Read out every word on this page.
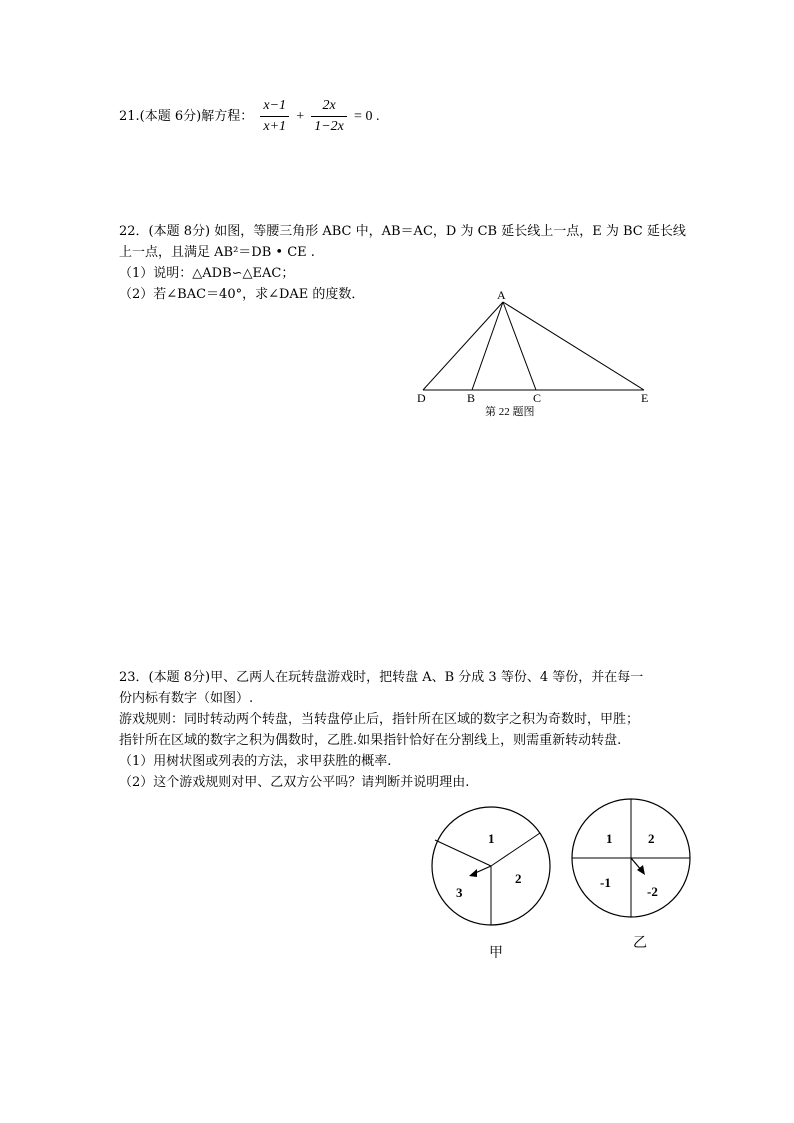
21.(本题 6分)解方程： $\frac{x-1}{x+1} + \frac{2x}{1-2x} = 0$ .
22．(本题 8分) 如图，等腰三角形 ABC 中，AB＝AC，D 为 CB 延长线上一点，E 为 BC 延长线
上一点，且满足 AB²＝DB • CE .
（1）说明：△ADB∽△EAC；
（2）若∠BAC＝40°，求∠DAE 的度数．	A
D	B	C	E
第 22 题图
23．(本题 8分)甲、乙两人在玩转盘游戏时，把转盘 A、B 分成 3 等份、4 等份，并在每一
份内标有数字（如图）.
游戏规则：同时转动两个转盘，当转盘停止后，指针所在区域的数字之积为奇数时，甲胜；
指针所在区域的数字之积为偶数时，乙胜.如果指针恰好在分割线上，则需重新转动转盘.
（1）用树状图或列表的方法，求甲获胜的概率.
（2）这个游戏规则对甲、乙双方公平吗？请判断并说明理由.
1
2
3
甲
1	2
-1
-2
乙
